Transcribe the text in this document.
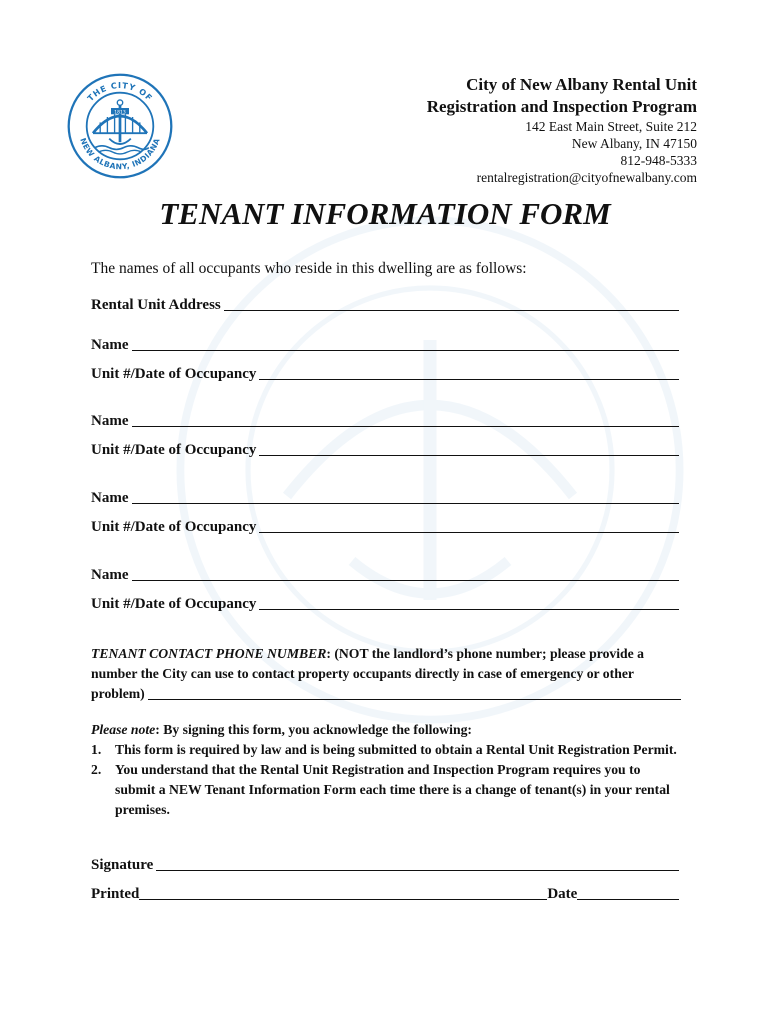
THE CITY OF
NEW ALBANY, INDIANA
1813
City of New Albany Rental Unit
Registration and Inspection Program
142 East Main Street, Suite 212
New Albany, IN 47150
812-948-5333
rentalregistration@cityofnewalbany.com
TENANT INFORMATION FORM
The names of all occupants who reside in this dwelling are as follows:
Rental Unit Address
Name
Unit #/Date of Occupancy
Name
Unit #/Date of Occupancy
Name
Unit #/Date of Occupancy
Name
Unit #/Date of Occupancy
TENANT CONTACT PHONE NUMBER: (NOT the landlord’s phone number; please provide a
number the City can use to contact property occupants directly in case of emergency or other
problem)
Please note: By signing this form, you acknowledge the following:
1.	This form is required by law and is being submitted to obtain a Rental Unit Registration Permit.
2.	You understand that the Rental Unit Registration and Inspection Program requires you to submit a NEW Tenant Information Form each time there is a change of tenant(s) in your rental premises.
Signature
Printed	Date
